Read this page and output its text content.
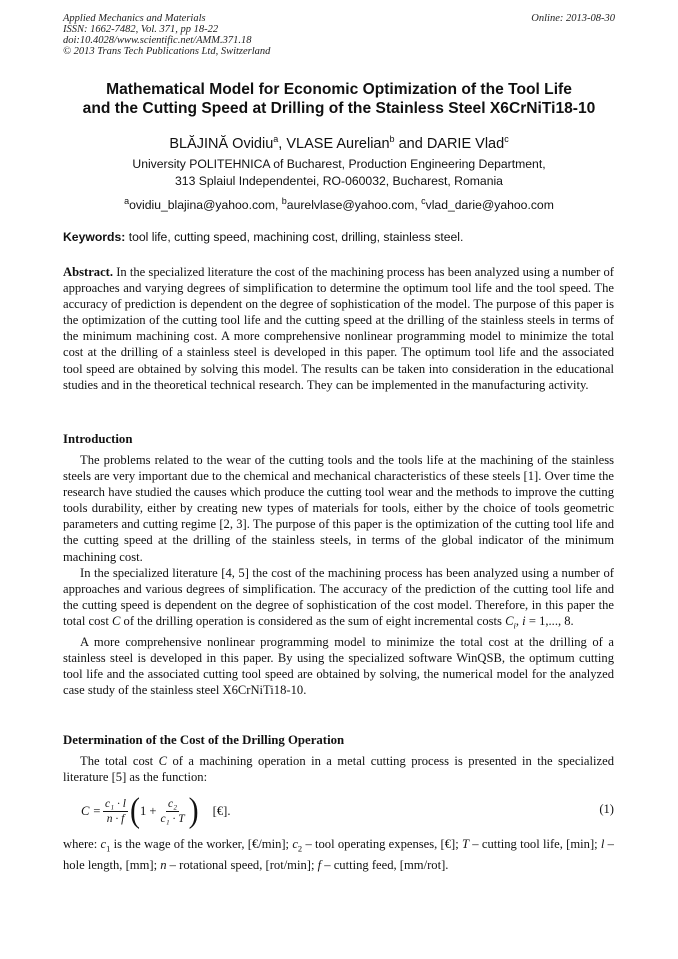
Applied Mechanics and Materials
ISSN: 1662-7482, Vol. 371, pp 18-22
doi:10.4028/www.scientific.net/AMM.371.18
© 2013 Trans Tech Publications Ltd, Switzerland
Online: 2013-08-30
Mathematical Model for Economic Optimization of the Tool Life
and the Cutting Speed at Drilling of the Stainless Steel X6CrNiTi18-10
BLĂJINĂ Ovidiu$^a$, VLASE Aurelian$^b$ and DARIE Vlad$^c$
University POLITEHNICA of Bucharest, Production Engineering Department,
313 Splaiul Independentei, RO-060032, Bucharest, Romania
$^a$ovidiu_blajina@yahoo.com, $^b$aurelvlase@yahoo.com, $^c$vlad_darie@yahoo.com
Keywords: tool life, cutting speed, machining cost, drilling, stainless steel.
Abstract. In the specialized literature the cost of the machining process has been analyzed using a number of approaches and varying degrees of simplification to determine the optimum tool life and the tool speed. The accuracy of prediction is dependent on the degree of sophistication of the model. The purpose of this paper is the optimization of the cutting tool life and the cutting speed at the drilling of the stainless steels in terms of the minimum machining cost. A more comprehensive nonlinear programming model to minimize the total cost at the drilling of a stainless steel is developed in this paper. The optimum tool life and the associated tool speed are obtained by solving this model. The results can be taken into consideration in the educational studies and in the theoretical technical research. They can be implemented in the manufacturing activity.
Introduction

The problems related to the wear of the cutting tools and the tools life at the machining of the stainless steels are very important due to the chemical and mechanical characteristics of these steels [1]. Over time the research have studied the causes which produce the cutting tool wear and the methods to improve the cutting tools durability, either by creating new types of materials for tools, either by the choice of tools geometric parameters and cutting regime [2, 3]. The purpose of this paper is the optimization of the cutting tool life and the cutting speed at the drilling of the stainless steels, in terms of the global indicator of the minimum machining cost.

In the specialized literature [4, 5] the cost of the machining process has been analyzed using a number of approaches and various degrees of simplification. The accuracy of the prediction of the cutting tool life and the cutting speed is dependent on the degree of sophistication of the cost model. Therefore, in this paper the total cost C of the drilling operation is considered as the sum of eight incremental costs $C_i$, i = 1,..., 8.

A more comprehensive nonlinear programming model to minimize the total cost at the drilling of a stainless steel is developed in this paper. By using the specialized software WinQSB, the optimum cutting tool life and the associated cutting tool speed are obtained by solving, the numerical model for the analyzed case study of the stainless steel X6CrNiTi18-10.

Determination of the Cost of the Drilling Operation

The total cost C of a machining operation in a metal cutting process is presented in the specialized literature [5] as the function:

$C = \frac{\text{c₁ · l}}{n \cdot f}$ ( $1 + \frac{\text{c₂}}{\text{c₁ · T}}$ ) [€].	(1)
where: $c_1$ is the wage of the worker, [€/min]; $c_2$ – tool operating expenses, [€]; T – cutting tool life, [min]; l – hole length, [mm]; n – rotational speed, [rot/min]; f – cutting feed, [mm/rot].
